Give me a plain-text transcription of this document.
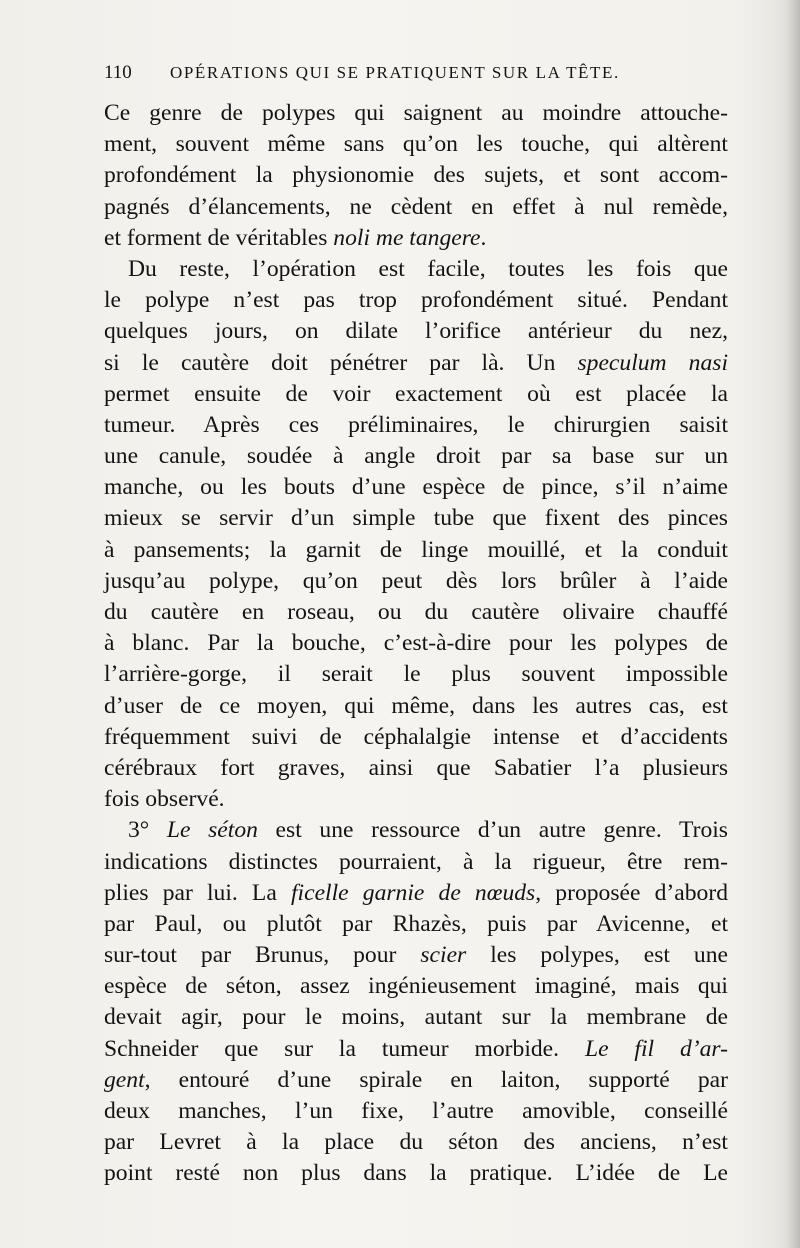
110	OPÉRATIONS QUI SE PRATIQUENT SUR LA TÊTE.
Ce genre de polypes qui saignent au moindre attouche-
ment, souvent même sans qu’on les touche, qui altèrent
profondément la physionomie des sujets, et sont accom-
pagnés d’élancements, ne cèdent en effet à nul remède,
et forment de véritables noli me tangere.
Du reste, l’opération est facile, toutes les fois que
le polype n’est pas trop profondément situé. Pendant
quelques jours, on dilate l’orifice antérieur du nez,
si le cautère doit pénétrer par là. Un speculum nasi
permet ensuite de voir exactement où est placée la
tumeur. Après ces préliminaires, le chirurgien saisit
une canule, soudée à angle droit par sa base sur un
manche, ou les bouts d’une espèce de pince, s’il n’aime
mieux se servir d’un simple tube que fixent des pinces
à pansements; la garnit de linge mouillé, et la conduit
jusqu’au polype, qu’on peut dès lors brûler à l’aide
du cautère en roseau, ou du cautère olivaire chauffé
à blanc. Par la bouche, c’est-à-dire pour les polypes de
l’arrière-gorge, il serait le plus souvent impossible
d’user de ce moyen, qui même, dans les autres cas, est
fréquemment suivi de céphalalgie intense et d’accidents
cérébraux fort graves, ainsi que Sabatier l’a plusieurs
fois observé.
3° Le séton est une ressource d’un autre genre. Trois
indications distinctes pourraient, à la rigueur, être rem-
plies par lui. La ficelle garnie de nœuds, proposée d’abord
par Paul, ou plutôt par Rhazès, puis par Avicenne, et
sur-tout par Brunus, pour scier les polypes, est une
espèce de séton, assez ingénieusement imaginé, mais qui
devait agir, pour le moins, autant sur la membrane de
Schneider que sur la tumeur morbide. Le fil d’ar-
gent, entouré d’une spirale en laiton, supporté par
deux manches, l’un fixe, l’autre amovible, conseillé
par Levret à la place du séton des anciens, n’est
point resté non plus dans la pratique. L’idée de Le
